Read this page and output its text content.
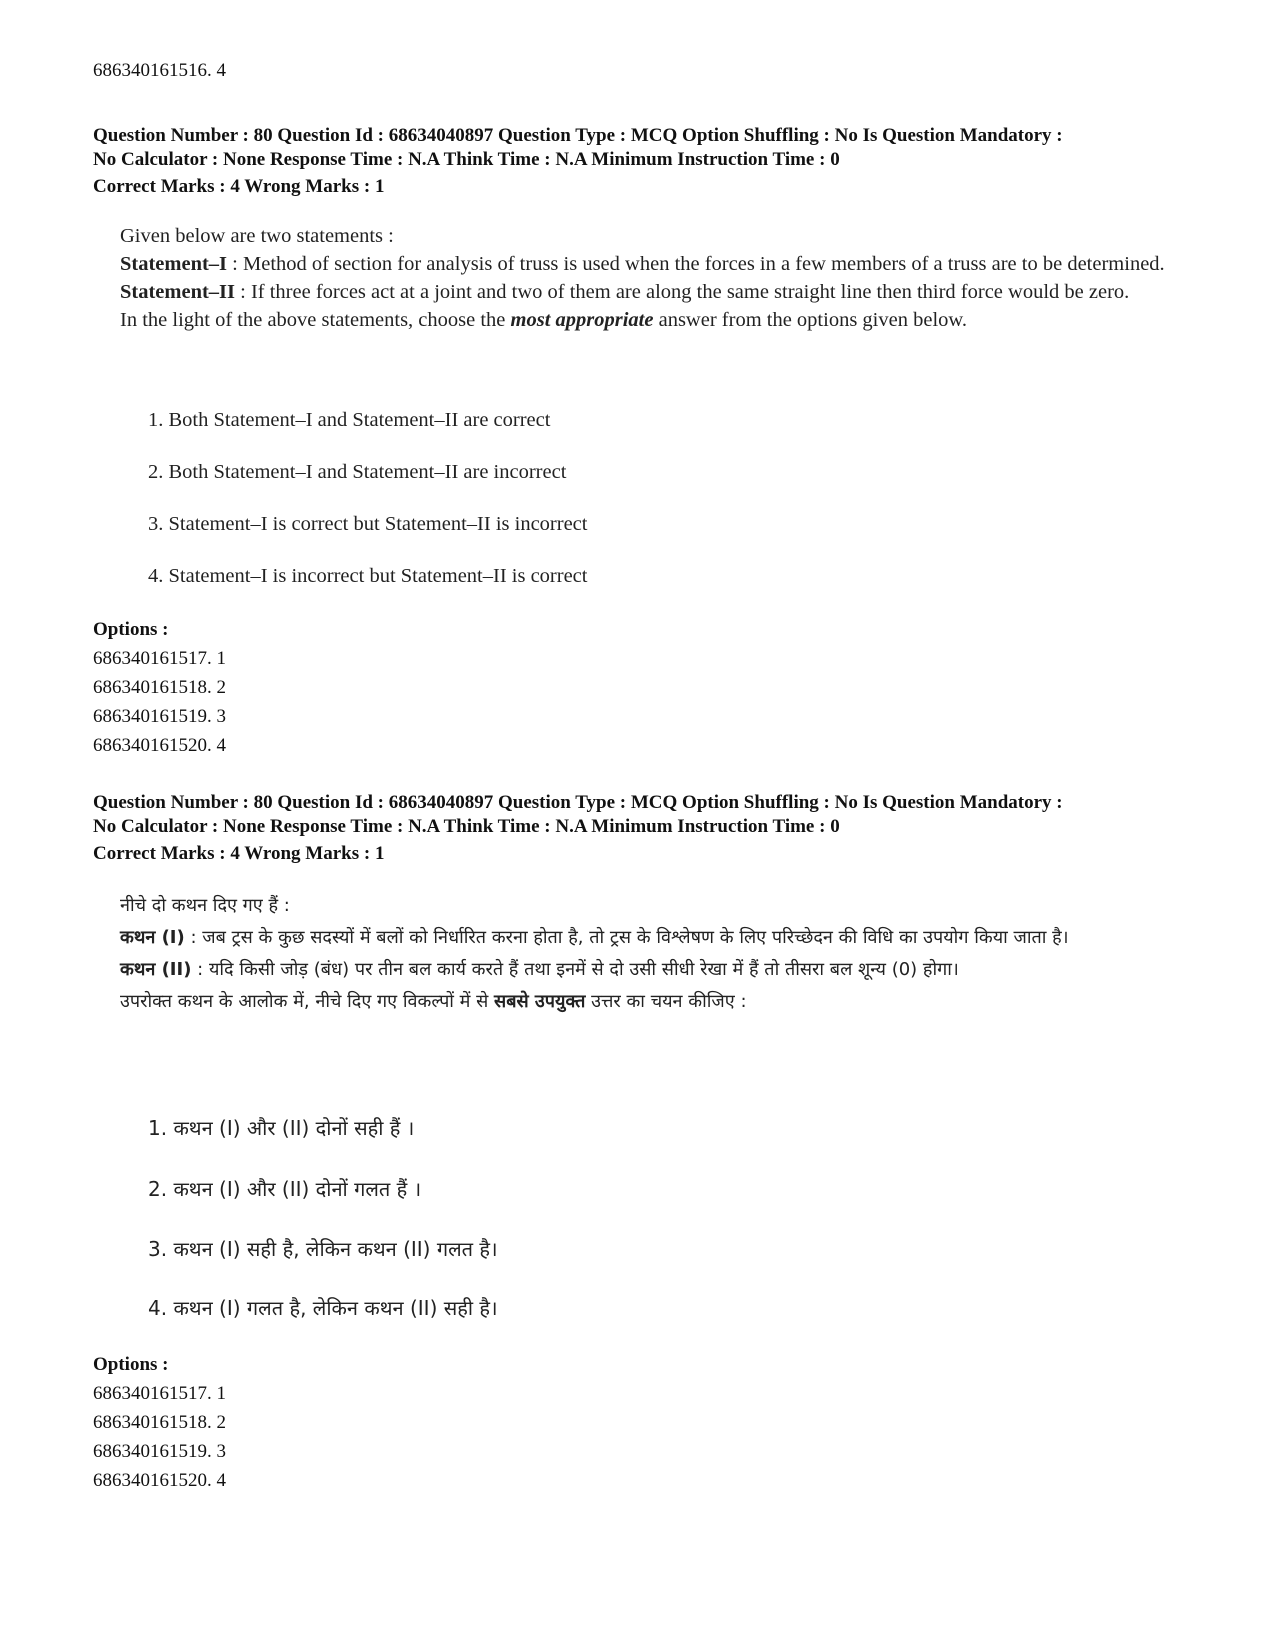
686340161516. 4
Question Number : 80 Question Id : 68634040897 Question Type : MCQ Option Shuffling : No Is Question Mandatory :
No Calculator : None Response Time : N.A Think Time : N.A Minimum Instruction Time : 0
Correct Marks : 4 Wrong Marks : 1
Given below are two statements :
Statement–I : Method of section for analysis of truss is used when the forces in a few members of a truss are to be determined.
Statement–II : If three forces act at a joint and two of them are along the same straight line then third force would be zero.
In the light of the above statements, choose the most appropriate answer from the options given below.
1. Both Statement–I and Statement–II are correct
2. Both Statement–I and Statement–II are incorrect
3. Statement–I is correct but Statement–II is incorrect
4. Statement–I is incorrect but Statement–II is correct
Options :
686340161517. 1
686340161518. 2
686340161519. 3
686340161520. 4
Question Number : 80 Question Id : 68634040897 Question Type : MCQ Option Shuffling : No Is Question Mandatory :
No Calculator : None Response Time : N.A Think Time : N.A Minimum Instruction Time : 0
Correct Marks : 4 Wrong Marks : 1
नीचे दो कथन दिए गए हैं :
कथन (I) : जब ट्रस के कुछ सदस्यों में बलों को निर्धारित करना होता है, तो ट्रस के विश्लेषण के लिए परिच्छेदन की विधि का उपयोग किया जाता है।
कथन (II) : यदि किसी जोड़ (बंध) पर तीन बल कार्य करते हैं तथा इनमें से दो उसी सीधी रेखा में हैं तो तीसरा बल शून्य (0) होगा।
उपरोक्त कथन के आलोक में, नीचे दिए गए विकल्पों में से सबसे उपयुक्त उत्तर का चयन कीजिए :
1. कथन (I) और (II) दोनों सही हैं ।
2. कथन (I) और (II) दोनों गलत हैं ।
3. कथन (I) सही है, लेकिन कथन (II) गलत है।
4. कथन (I) गलत है, लेकिन कथन (II) सही है।
Options :
686340161517. 1
686340161518. 2
686340161519. 3
686340161520. 4
